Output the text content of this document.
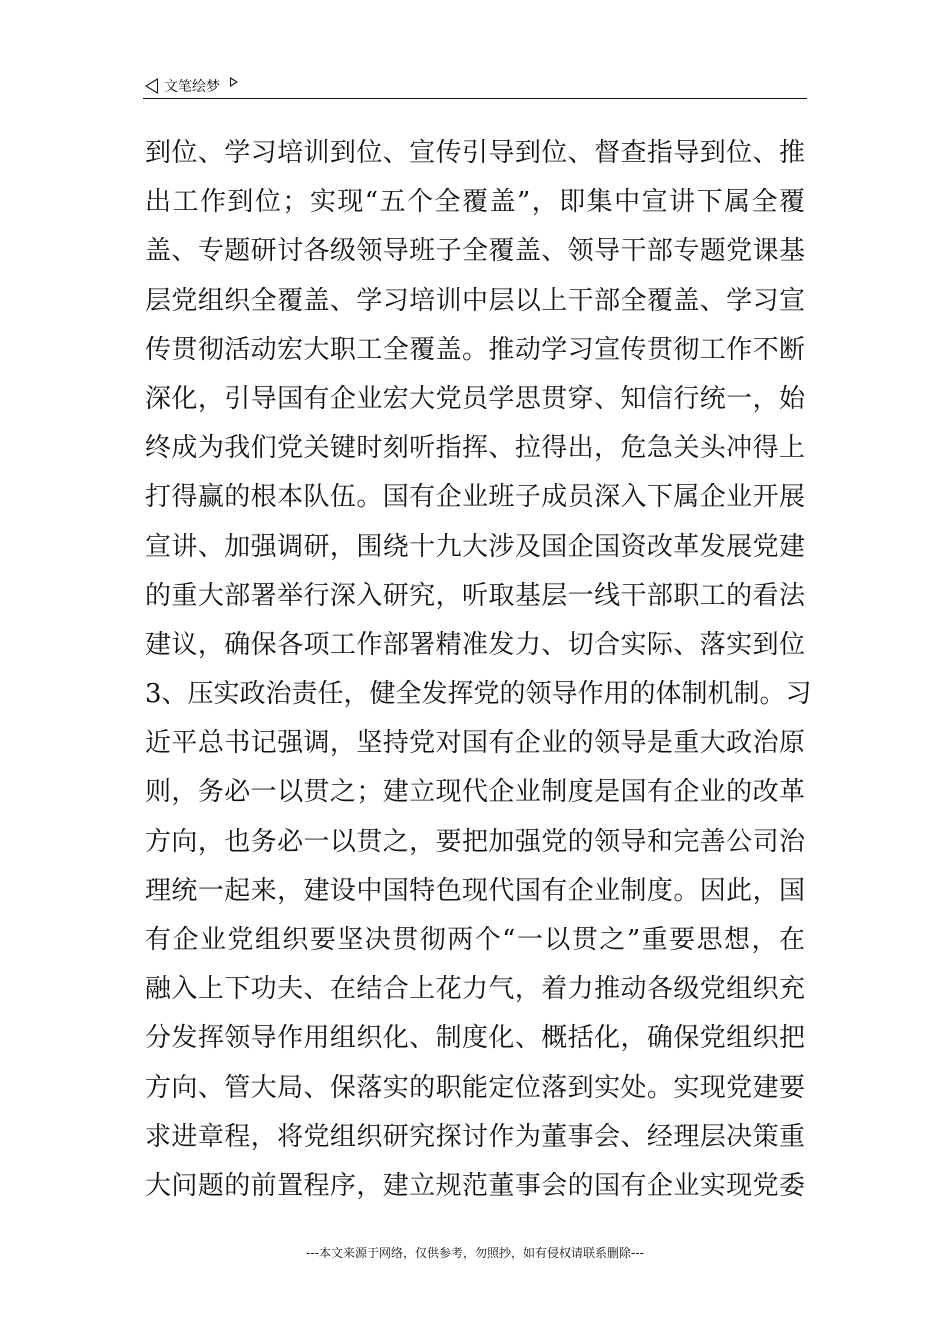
文笔绘梦
到位、学习培训到位、宣传引导到位、督查指导到位、推
出工作到位；实现“五个全覆盖”，即集中宣讲下属全覆
盖、专题研讨各级领导班子全覆盖、领导干部专题党课基
层党组织全覆盖、学习培训中层以上干部全覆盖、学习宣
传贯彻活动宏大职工全覆盖。推动学习宣传贯彻工作不断
深化，引导国有企业宏大党员学思贯穿、知信行统一，始
终成为我们党关键时刻听指挥、拉得出，危急关头冲得上
打得赢的根本队伍。国有企业班子成员深入下属企业开展
宣讲、加强调研，围绕十九大涉及国企国资改革发展党建
的重大部署举行深入研究，听取基层一线干部职工的看法
建议，确保各项工作部署精准发力、切合实际、落实到位
3、压实政治责任，健全发挥党的领导作用的体制机制。习
近平总书记强调，坚持党对国有企业的领导是重大政治原
则，务必一以贯之；建立现代企业制度是国有企业的改革
方向，也务必一以贯之，要把加强党的领导和完善公司治
理统一起来，建设中国特色现代国有企业制度。因此，国
有企业党组织要坚决贯彻两个“一以贯之”重要思想，在
融入上下功夫、在结合上花力气，着力推动各级党组织充
分发挥领导作用组织化、制度化、概括化，确保党组织把
方向、管大局、保落实的职能定位落到实处。实现党建要
求进章程，将党组织研究探讨作为董事会、经理层决策重
大问题的前置程序，建立规范董事会的国有企业实现党委
---本文来源于网络，仅供参考，勿照抄，如有侵权请联系删除---
